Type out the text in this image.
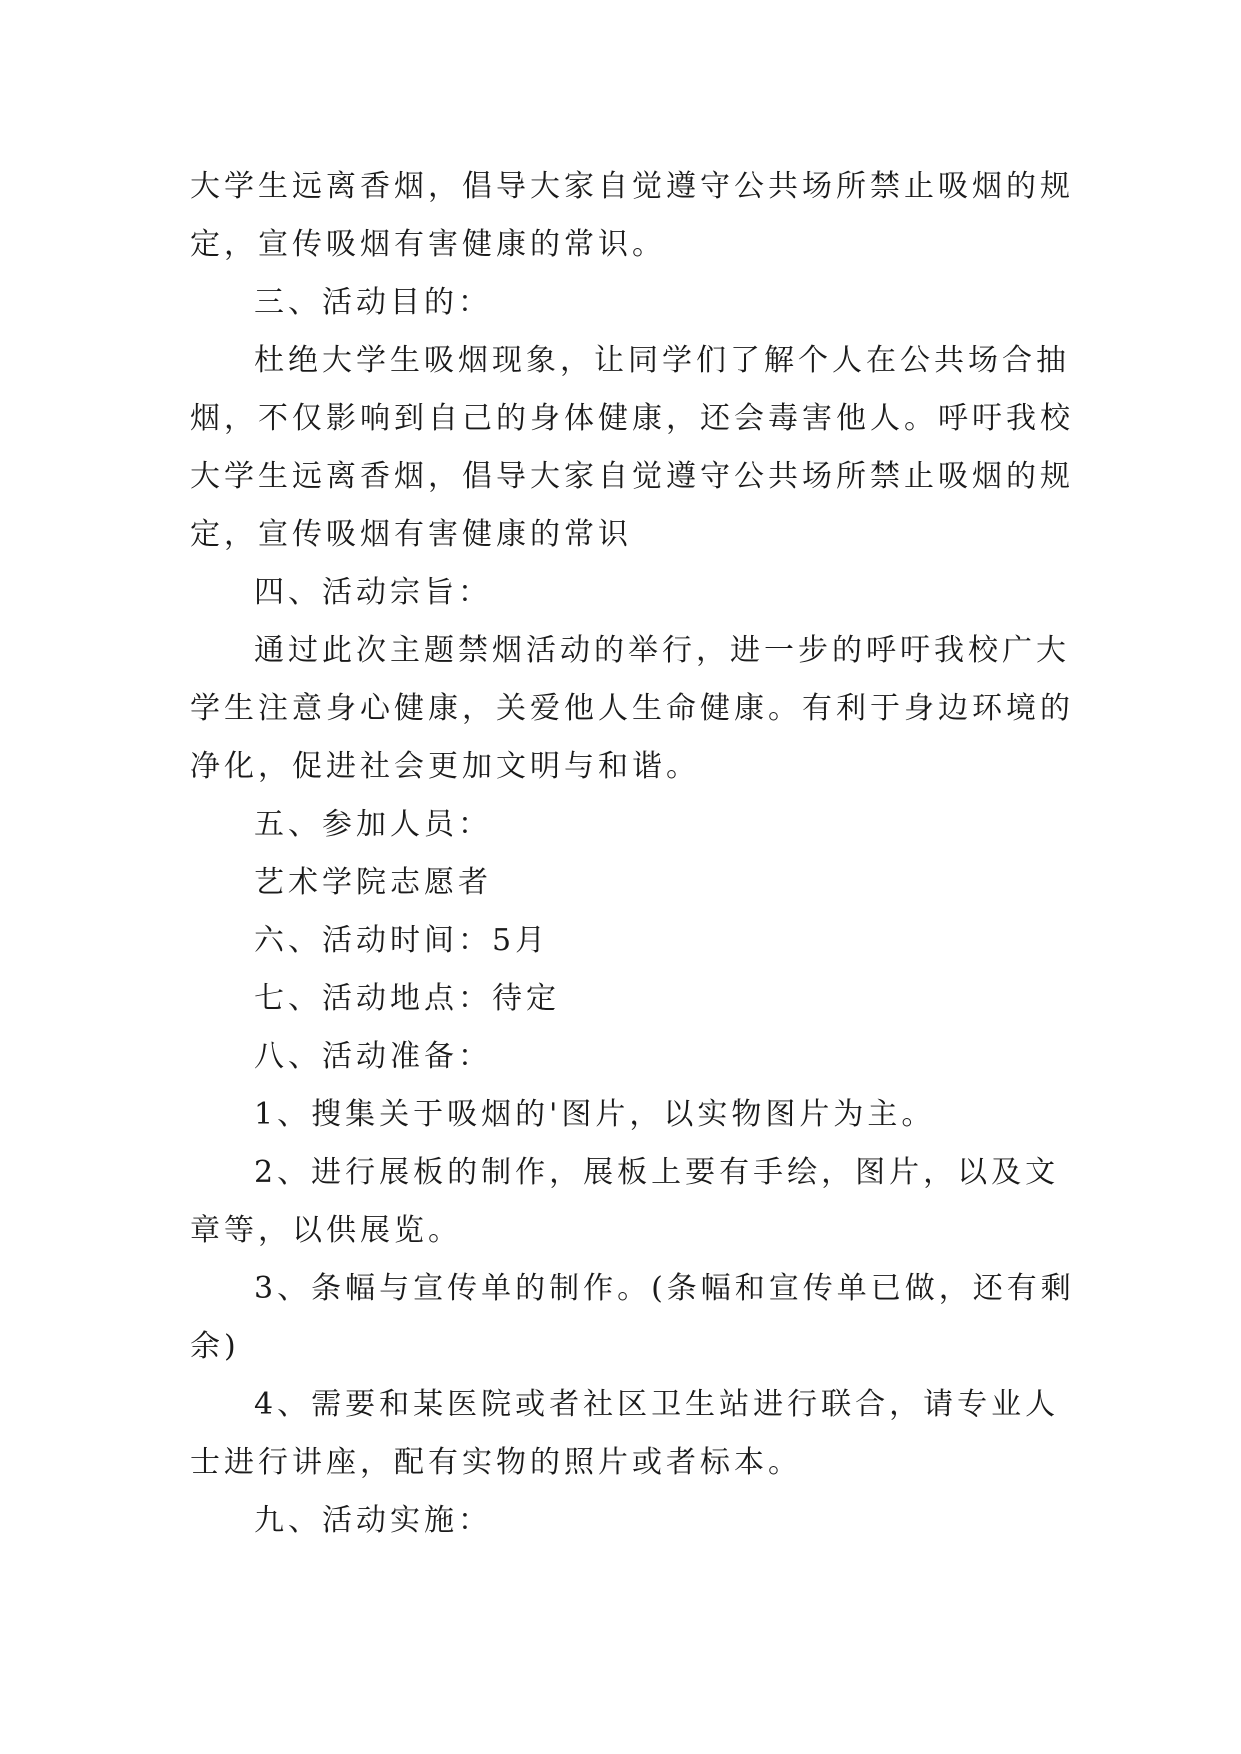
大学生远离香烟，倡导大家自觉遵守公共场所禁止吸烟的规

定，宣传吸烟有害健康的常识。

三、活动目的：

杜绝大学生吸烟现象，让同学们了解个人在公共场合抽

烟，不仅影响到自己的身体健康，还会毒害他人。呼吁我校

大学生远离香烟，倡导大家自觉遵守公共场所禁止吸烟的规

定，宣传吸烟有害健康的常识

四、活动宗旨：

通过此次主题禁烟活动的举行，进一步的呼吁我校广大

学生注意身心健康，关爱他人生命健康。有利于身边环境的

净化，促进社会更加文明与和谐。

五、参加人员：

艺术学院志愿者

六、活动时间：5月

七、活动地点：待定

八、活动准备：

1、搜集关于吸烟的'图片，以实物图片为主。

2、进行展板的制作，展板上要有手绘，图片，以及文

章等，以供展览。

3、条幅与宣传单的制作。(条幅和宣传单已做，还有剩

余)

4、需要和某医院或者社区卫生站进行联合，请专业人

士进行讲座，配有实物的照片或者标本。

九、活动实施：
